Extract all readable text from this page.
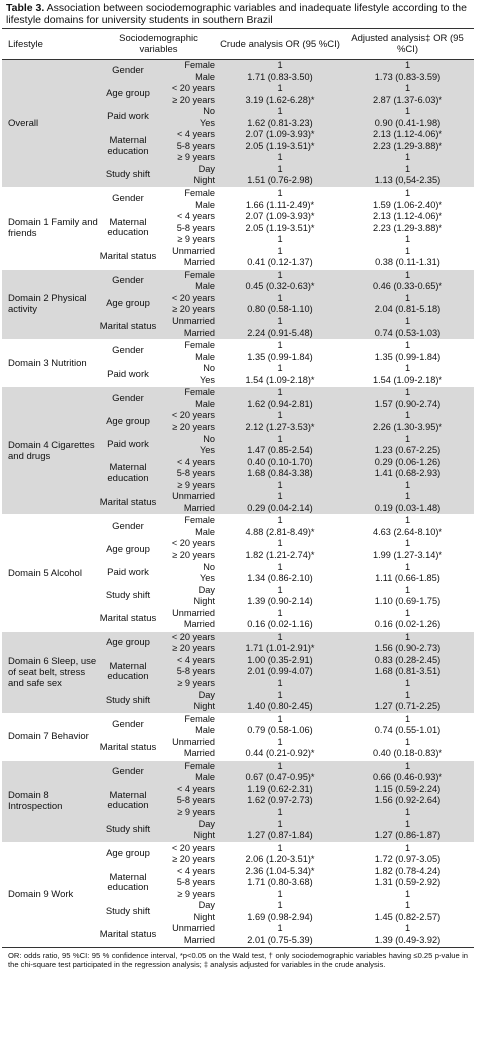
Table 3. Association between sociodemographic variables and inadequate lifestyle according to the lifestyle domains for university students in southern Brazil
Lifestyle	Sociodemographic variables		Crude analysis OR (95 %CI)	Adjusted analysis‡ OR (95 %CI)
Overall	Gender	Female	1	1
		Male	1.71 (0.83-3.50)	1.73 (0.83-3.59)
	Age group	< 20 years	1	1
		≥ 20 years	3.19 (1.62-6.28)*	2.87 (1.37-6.03)*
	Paid work	No	1	1
		Yes	1.62 (0.81-3.23)	0.90 (0.41-1.98)
	Maternal education	< 4 years	2.07 (1.09-3.93)*	2.13 (1.12-4.06)*
		5-8 years	2.05 (1.19-3.51)*	2.23 (1.29-3.88)*
		≥ 9 years	1	1
	Study shift	Day	1	1
		Night	1.51 (0.76-2.98)	1.13 (0,54-2.35)
Domain 1 Family and friends	Gender	Female	1	1
		Male	1.66 (1.11-2.49)*	1.59 (1.06-2.40)*
	Maternal education	< 4 years	2.07 (1.09-3.93)*	2.13 (1.12-4.06)*
		5-8 years	2.05 (1.19-3.51)*	2.23 (1.29-3.88)*
		≥ 9 years	1	1
	Marital status	Unmarried	1	1
		Married	0.41 (0.12-1.37)	0.38 (0.11-1.31)
Domain 2 Physical activity	Gender	Female	1	1
		Male	0.45 (0.32-0.63)*	0.46 (0.33-0.65)*
	Age group	< 20 years	1	1
		≥ 20 years	0.80 (0.58-1.10)	2.04 (0.81-5.18)
	Marital status	Unmarried	1	1
		Married	2.24 (0.91-5.48)	0.74 (0.53-1.03)
Domain 3 Nutrition	Gender	Female	1	1
		Male	1.35 (0.99-1.84)	1.35 (0.99-1.84)
	Paid work	No	1	1
		Yes	1.54 (1.09-2.18)*	1.54 (1.09-2.18)*
Domain 4 Cigarettes and drugs	Gender	Female	1	1
		Male	1.62 (0.94-2.81)	1.57 (0.90-2.74)
	Age group	< 20 years	1	1
		≥ 20 years	2.12 (1.27-3.53)*	2.26 (1.30-3.95)*
	Paid work	No	1	1
		Yes	1.47 (0.85-2.54)	1.23 (0.67-2.25)
	Maternal education	< 4 years	0.40 (0.10-1.70)	0.29 (0.06-1.26)
		5-8 years	1.68 (0.84-3.38)	1.41 (0.68-2.93)
		≥ 9 years	1	1
	Marital status	Unmarried	1	1
		Married	0.29 (0.04-2.14)	0.19 (0.03-1.48)
Domain 5 Alcohol	Gender	Female	1	1
		Male	4.88 (2.81-8.49)*	4.63 (2.64-8.10)*
	Age group	< 20 years	1	1
		≥ 20 years	1.82 (1.21-2.74)*	1.99 (1.27-3.14)*
	Paid work	No	1	1
		Yes	1.34 (0.86-2.10)	1.11 (0.66-1.85)
	Study shift	Day	1	1
		Night	1.39 (0.90-2.14)	1.10 (0.69-1.75)
	Marital status	Unmarried	1	1
		Married	0.16 (0.02-1.16)	0.16 (0.02-1.26)
Domain 6 Sleep, use of seat belt, stress and safe sex	Age group	< 20 years	1	1
		≥ 20 years	1.71 (1.01-2.91)*	1.56 (0.90-2.73)
	Maternal education	< 4 years	1.00 (0.35-2.91)	0.83 (0.28-2.45)
		5-8 years	2.01 (0.99-4.07)	1.68 (0.81-3.51)
		≥ 9 years	1	1
	Study shift	Day	1	1
		Night	1.40 (0.80-2.45)	1.27 (0.71-2.25)
Domain 7 Behavior	Gender	Female	1	1
		Male	0.79 (0.58-1.06)	0.74 (0.55-1.01)
	Marital status	Unmarried	1	1
		Married	0.44 (0.21-0.92)*	0.40 (0.18-0.83)*
Domain 8 Introspection	Gender	Female	1	1
		Male	0.67 (0.47-0.95)*	0.66 (0.46-0.93)*
	Maternal education	< 4 years	1.19 (0.62-2.31)	1.15 (0.59-2.24)
		5-8 years	1.62 (0.97-2.73)	1.56 (0.92-2.64)
		≥ 9 years	1	1
	Study shift	Day	1	1
		Night	1.27 (0.87-1.84)	1.27 (0.86-1.87)
Domain 9 Work	Age group	< 20 years	1	1
		≥ 20 years	2.06 (1.20-3.51)*	1.72 (0.97-3.05)
	Maternal education	< 4 years	2.36 (1.04-5.34)*	1.82 (0.78-4.24)
		5-8 years	1.71 (0.80-3.68)	1.31 (0.59-2.92)
		≥ 9 years	1	1
	Study shift	Day	1	1
		Night	1.69 (0.98-2.94)	1.45 (0.82-2.57)
	Marital status	Unmarried	1	1
		Married	2.01 (0.75-5.39)	1.39 (0.49-3.92)
OR: odds ratio, 95 %CI: 95 % confidence interval, *p<0.05 on the Wald test, † only sociodemographic variables having ≤0.25 p-value in the chi-square test participated in the regression analysis; ‡ analysis adjusted for variables in the crude analysis.
